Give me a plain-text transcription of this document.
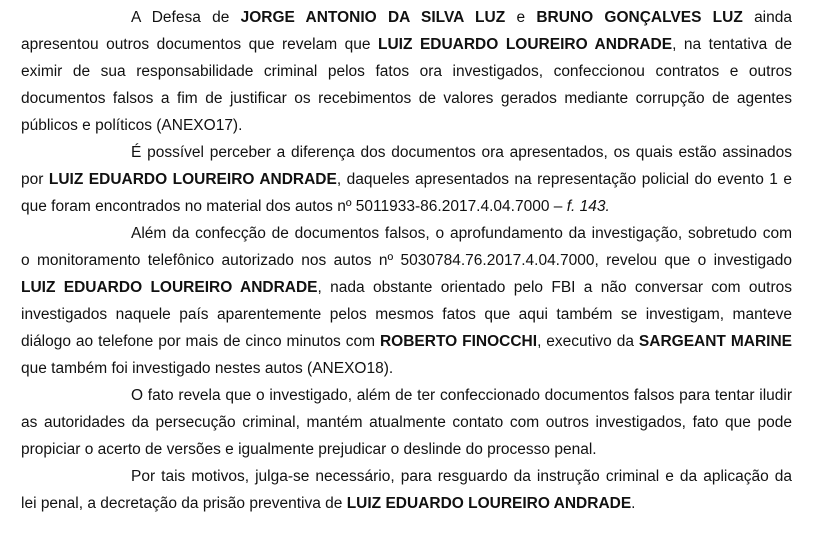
A Defesa de JORGE ANTONIO DA SILVA LUZ e BRUNO GONÇALVES LUZ ainda
apresentou outros documentos que revelam que LUIZ EDUARDO LOUREIRO ANDRADE, na tentativa de
eximir de sua responsabilidade criminal pelos fatos ora investigados, confeccionou contratos e outros
documentos falsos a fim de justificar os recebimentos de valores gerados mediante corrupção de agentes
públicos e políticos (ANEXO17).
É possível perceber a diferença dos documentos ora apresentados, os quais estão assinados
por LUIZ EDUARDO LOUREIRO ANDRADE, daqueles apresentados na representação policial do evento 1 e
que foram encontrados no material dos autos nº 5011933-86.2017.4.04.7000 – f. 143.
Além da confecção de documentos falsos, o aprofundamento da investigação, sobretudo com
o monitoramento telefônico autorizado nos autos nº 5030784.76.2017.4.04.7000, revelou que o investigado
LUIZ EDUARDO LOUREIRO ANDRADE, nada obstante orientado pelo FBI a não conversar com outros
investigados naquele país aparentemente pelos mesmos fatos que aqui também se investigam, manteve
diálogo ao telefone por mais de cinco minutos com ROBERTO FINOCCHI, executivo da SARGEANT MARINE
que também foi investigado nestes autos (ANEXO18).
O fato revela que o investigado, além de ter confeccionado documentos falsos para tentar iludir
as autoridades da persecução criminal, mantém atualmente contato com outros investigados, fato que pode
propiciar o acerto de versões e igualmente prejudicar o deslinde do processo penal.
Por tais motivos, julga-se necessário, para resguardo da instrução criminal e da aplicação da
lei penal, a decretação da prisão preventiva de LUIZ EDUARDO LOUREIRO ANDRADE.
